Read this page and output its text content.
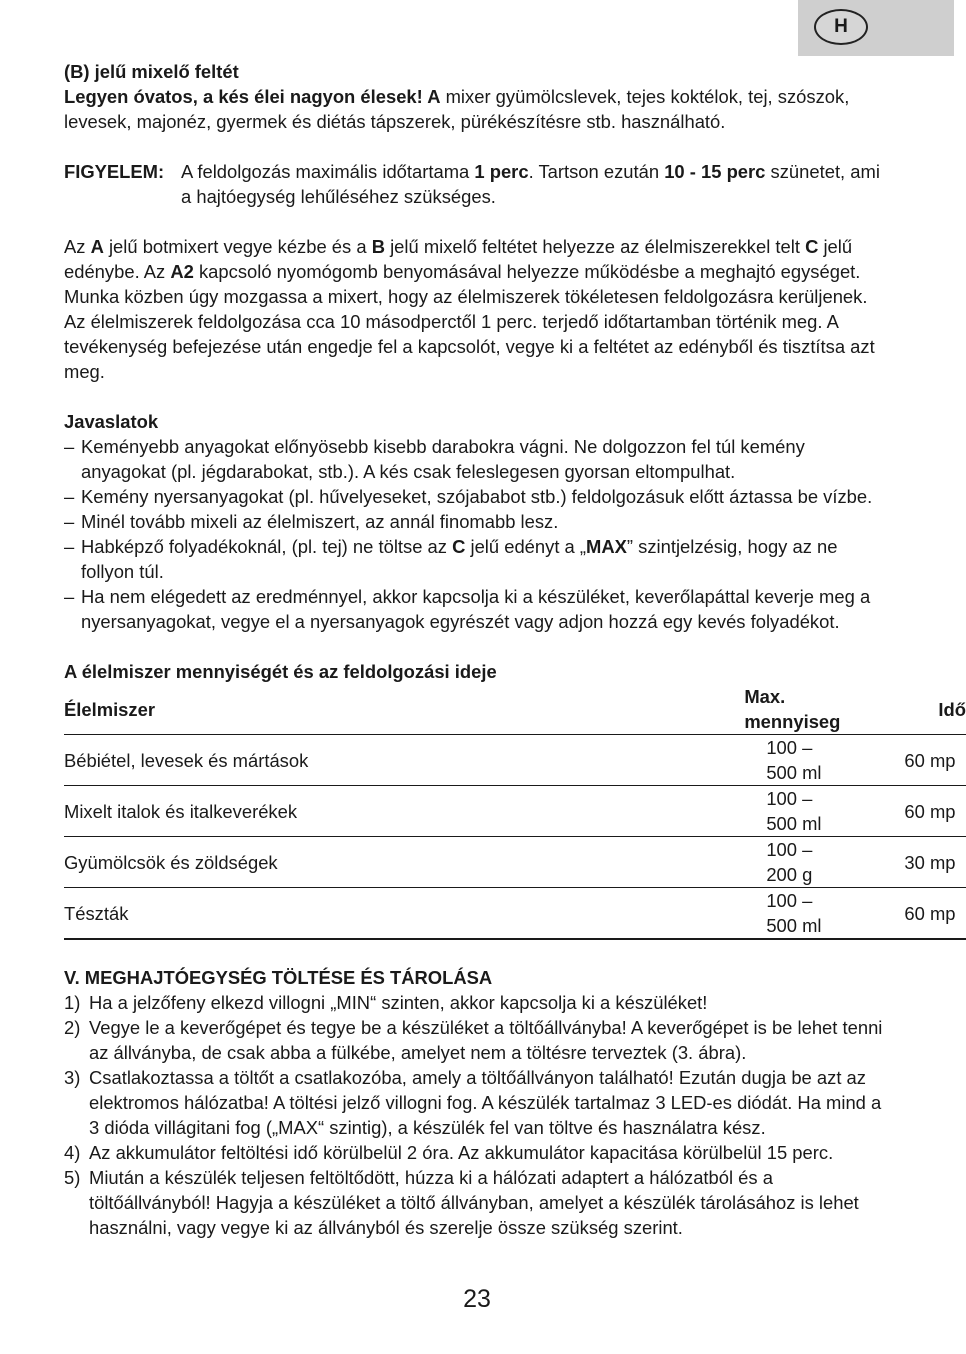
H

(B) jelű mixelő feltét

Legyen óvatos, a kés élei nagyon élesek! A mixer gyümölcslevek, tejes koktélok, tej, szószok, levesek, majonéz, gyermek és diétás tápszerek, pürékészítésre stb. használható.

FIGYELEM: A feldolgozás maximális időtartama 1 perc. Tartson ezután 10 - 15 perc szünetet, ami a hajtóegység lehűléséhez szükséges.

Az A jelű botmixert vegye kézbe és a B jelű mixelő feltétet helyezze az élelmiszerekkel telt C jelű edénybe. Az A2 kapcsoló nyomógomb benyomásával helyezze működésbe a meghajtó egységet. Munka közben úgy mozgassa a mixert, hogy az élelmiszerek tökéletesen feldolgozásra kerüljenek. Az élelmiszerek feldolgozása cca 10 másodperctől 1 perc. terjedő időtartamban történik meg. A tevékenység befejezése után engedje fel a kapcsolót, vegye ki a feltétet az edényből és tisztítsa azt meg.

Javaslatok

– Keményebb anyagokat előnyösebb kisebb darabokra vágni. Ne dolgozzon fel túl kemény anyagokat (pl. jégdarabokat, stb.). A kés csak feleslegesen gyorsan eltompulhat.
– Kemény nyersanyagokat (pl. hűvelyeseket, szójababot stb.) feldolgozásuk előtt áztassa be vízbe.
– Minél tovább mixeli az élelmiszert, az annál finomabb lesz.
– Habképző folyadékoknál, (pl. tej) ne töltse az C jelű edényt a „MAX” szintjelzésig, hogy az ne follyon túl.
– Ha nem elégedett az eredménnyel, akkor kapcsolja ki a készüléket, keverőlapáttal keverje meg a nyersanyagokat, vegye el a nyersanyagok egyrészét vagy adjon hozzá egy kevés folyadékot.

A élelmiszer mennyiségét és az feldolgozási ideje

Élelmiszer	Max. mennyiseg	Idő
Bébiétel, levesek és mártások	100 – 500 ml	60 mp
Mixelt italok és italkeverékek	100 – 500 ml	60 mp
Gyümölcsök és zöldségek	100 – 200 g	30 mp
Tészták	100 – 500 ml	60 mp

V. MEGHAJTÓEGYSÉG TÖLTÉSE ÉS TÁROLÁSA

1) Ha a jelzőfeny elkezd villogni „MIN“ szinten, akkor kapcsolja ki a készüléket!
2) Vegye le a keverőgépet és tegye be a készüléket a töltőállványba! A keverőgépet is be lehet tenni az állványba, de csak abba a fülkébe, amelyet nem a töltésre terveztek (3. ábra).
3) Csatlakoztassa a töltőt a csatlakozóba, amely a töltőállványon található! Ezután dugja be azt az elektromos hálózatba! A töltési jelző villogni fog. A készülék tartalmaz 3 LED-es diódát. Ha mind a 3 dióda villágitani fog („MAX“ szintig), a készülék fel van töltve és használatra kész.
4) Az akkumulátor feltöltési idő körülbelül 2 óra. Az akkumulátor kapacitása körülbelül 15 perc.
5) Miután a készülék teljesen feltöltődött, húzza ki a hálózati adaptert a hálózatból és a töltőállványból! Hagyja a készüléket a töltő állványban, amelyet a készülék tárolásához is lehet használni, vagy vegye ki az állványból és szerelje össze szükség szerint.
23
